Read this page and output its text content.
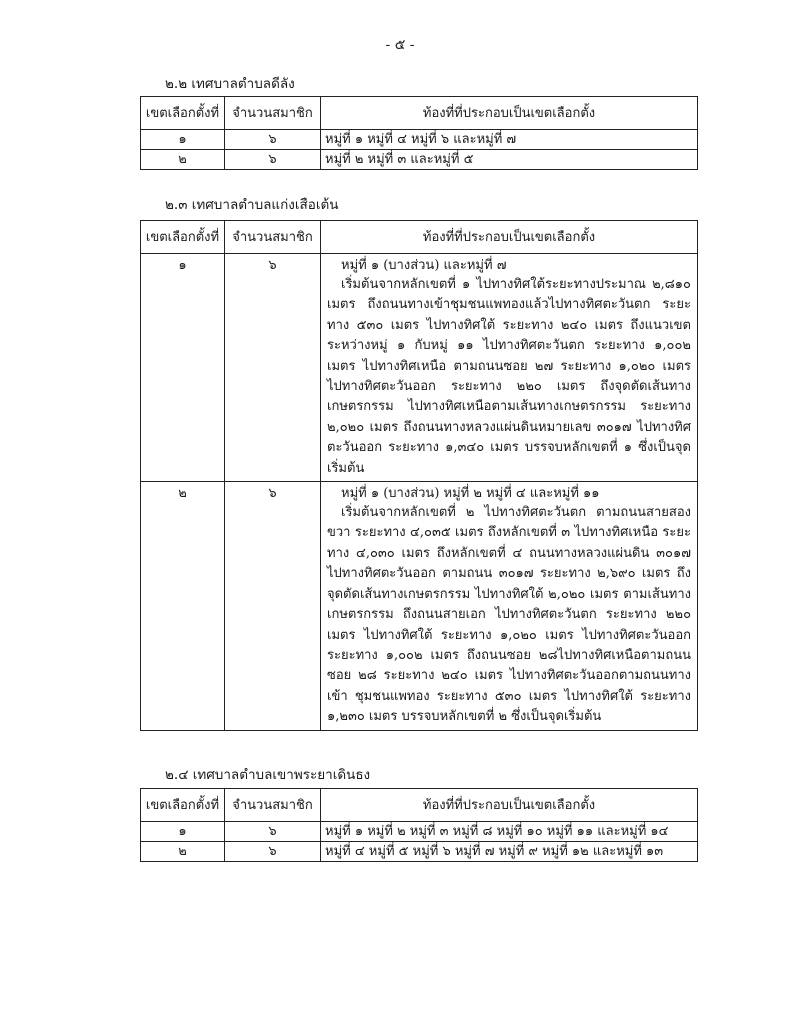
- ๕ -
๒.๒ เทศบาลตำบลดีลัง
เขตเลือกตั้งที่	จำนวนสมาชิก	ท้องที่ที่ประกอบเป็นเขตเลือกตั้ง
๑	๖	หมู่ที่ ๑ หมู่ที่ ๔ หมู่ที่ ๖ และหมู่ที่ ๗
๒	๖	หมู่ที่ ๒ หมู่ที่ ๓ และหมู่ที่ ๕
๒.๓ เทศบาลตำบลแก่งเสือเต้น
เขตเลือกตั้งที่	จำนวนสมาชิก	ท้องที่ที่ประกอบเป็นเขตเลือกตั้ง
๑	๖	หมู่ที่ ๑ (บางส่วน) และหมู่ที่ ๗
เริ่มต้นจากหลักเขตที่ ๑ ไปทางทิศใต้ระยะทางประมาณ ๒,๘๑๐ เมตร ถึงถนนทางเข้าชุมชนแพทองแล้วไปทางทิศตะวันตก ระยะทาง ๕๓๐ เมตร ไปทางทิศใต้ ระยะทาง ๒๔๐ เมตร ถึงแนวเขตระหว่างหมู่ ๑ กับหมู่ ๑๑ ไปทางทิศตะวันตก ระยะทาง ๑,๐๐๒ เมตร ไปทางทิศเหนือ ตามถนนซอย ๒๗ ระยะทาง ๑,๐๒๐ เมตร ไปทางทิศตะวันออก ระยะทาง ๒๒๐ เมตร ถึงจุดตัดเส้นทางเกษตรกรรม ไปทางทิศเหนือตามเส้นทางเกษตรกรรม ระยะทาง ๒,๐๒๐ เมตร ถึงถนนทางหลวงแผ่นดินหมายเลข ๓๐๑๗ ไปทางทิศตะวันออก ระยะทาง ๑,๓๔๐ เมตร บรรจบหลักเขตที่ ๑ ซึ่งเป็นจุดเริ่มต้น

๒	๖	หมู่ที่ ๑ (บางส่วน) หมู่ที่ ๒ หมู่ที่ ๔ และหมู่ที่ ๑๑
เริ่มต้นจากหลักเขตที่ ๒ ไปทางทิศตะวันตก ตามถนนสายสองขวา ระยะทาง ๔,๐๓๕ เมตร ถึงหลักเขตที่ ๓ ไปทางทิศเหนือ ระยะทาง ๔,๐๓๐ เมตร ถึงหลักเขตที่ ๔ ถนนทางหลวงแผ่นดิน ๓๐๑๗ ไปทางทิศตะวันออก ตามถนน ๓๐๑๗ ระยะทาง ๒,๖๙๐ เมตร ถึงจุดตัดเส้นทางเกษตรกรรม ไปทางทิศใต้ ๒,๐๒๐ เมตร ตามเส้นทางเกษตรกรรม ถึงถนนสายเอก ไปทางทิศตะวันตก ระยะทาง ๒๒๐ เมตร ไปทางทิศใต้ ระยะทาง ๑,๐๒๐ เมตร ไปทางทิศตะวันออก ระยะทาง ๑,๐๐๒ เมตร ถึงถนนซอย ๒๘ไปทางทิศเหนือตามถนนซอย ๒๘ ระยะทาง ๒๔๐ เมตร ไปทางทิศตะวันออกตามถนนทางเข้า ชุมชนแพทอง ระยะทาง ๕๓๐ เมตร ไปทางทิศใต้ ระยะทาง ๑,๒๓๐ เมตร บรรจบหลักเขตที่ ๒ ซึ่งเป็นจุดเริ่มต้น
๒.๔ เทศบาลตำบลเขาพระยาเดินธง
เขตเลือกตั้งที่	จำนวนสมาชิก	ท้องที่ที่ประกอบเป็นเขตเลือกตั้ง
๑	๖	หมู่ที่ ๑ หมู่ที่ ๒ หมู่ที่ ๓ หมู่ที่ ๘ หมู่ที่ ๑๐ หมู่ที่ ๑๑ และหมู่ที่ ๑๔
๒	๖	หมู่ที่ ๔ หมู่ที่ ๕ หมู่ที่ ๖ หมู่ที่ ๗ หมู่ที่ ๙ หมู่ที่ ๑๒ และหมู่ที่ ๑๓
